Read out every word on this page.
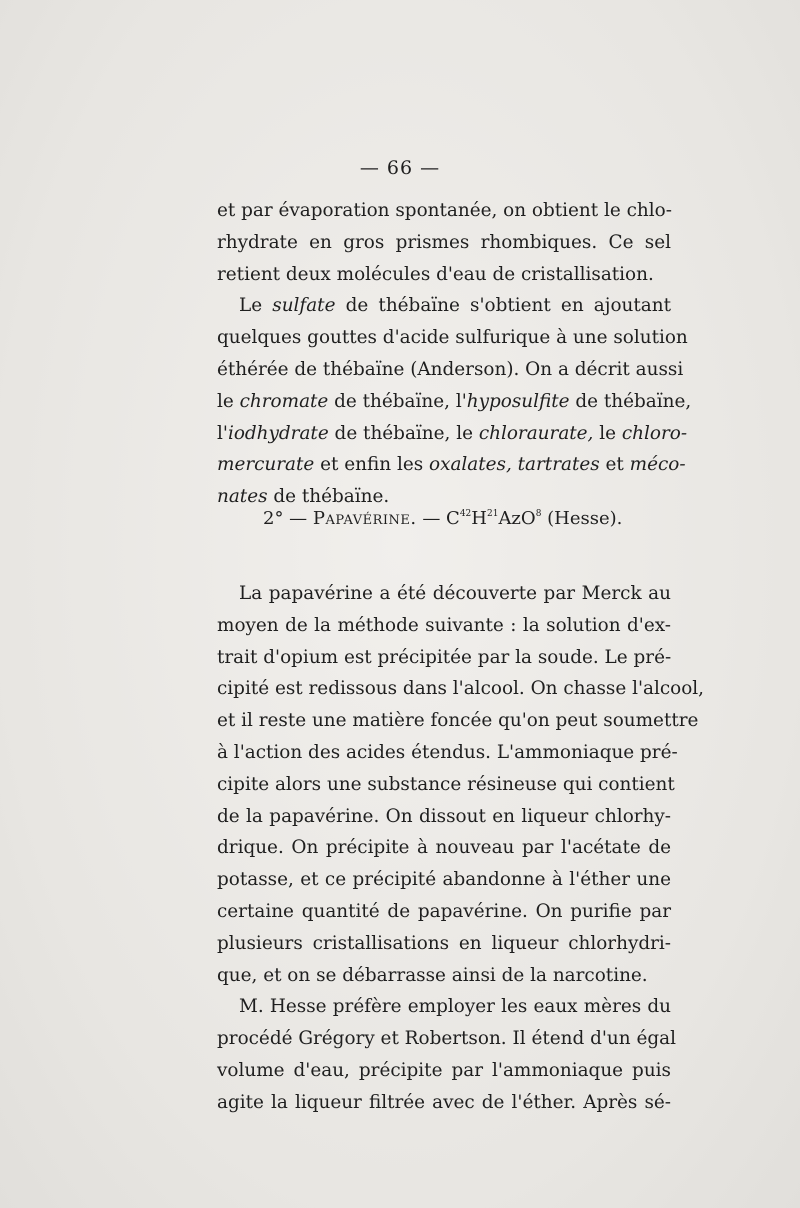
— 66 —
et par évaporation spontanée, on obtient le chlo-
rhydrate en gros prismes rhombiques. Ce sel
retient deux molécules d'eau de cristallisation.
Le sulfate de thébaïne s'obtient en ajoutant
quelques gouttes d'acide sulfurique à une solution
éthérée de thébaïne (Anderson). On a décrit aussi
le chromate de thébaïne, l'hyposulfite de thébaïne,
l'iodhydrate de thébaïne, le chloraurate, le chloro-
mercurate et enfin les oxalates, tartrates et méco-
nates de thébaïne.
2° — Papavérine. — $C^{42}H^{21}AzO^8$ (Hesse).
La papavérine a été découverte par Merck au
moyen de la méthode suivante : la solution d'ex-
trait d'opium est précipitée par la soude. Le pré-
cipité est redissous dans l'alcool. On chasse l'alcool,
et il reste une matière foncée qu'on peut soumettre
à l'action des acides étendus. L'ammoniaque pré-
cipite alors une substance résineuse qui contient
de la papavérine. On dissout en liqueur chlorhy-
drique. On précipite à nouveau par l'acétate de
potasse, et ce précipité abandonne à l'éther une
certaine quantité de papavérine. On purifie par
plusieurs cristallisations en liqueur chlorhydri-
que, et on se débarrasse ainsi de la narcotine.
M. Hesse préfère employer les eaux mères du
procédé Grégory et Robertson. Il étend d'un égal
volume d'eau, précipite par l'ammoniaque puis
agite la liqueur filtrée avec de l'éther. Après sé-
